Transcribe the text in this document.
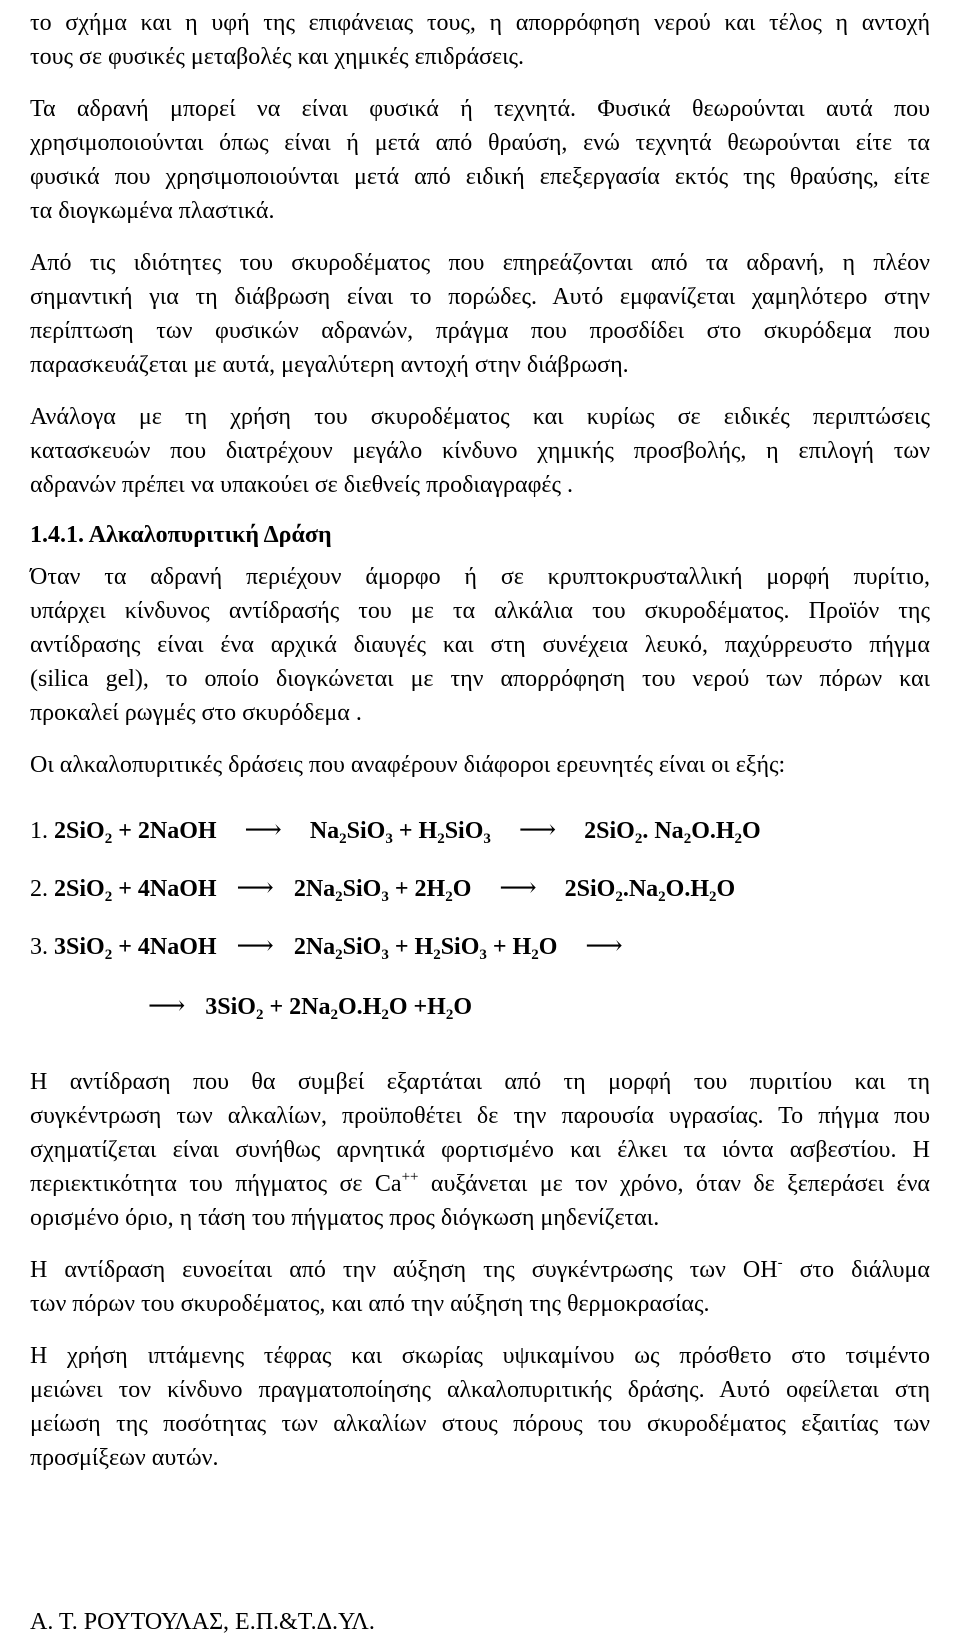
το σχήμα και η υφή της επιφάνειας τους, η απορρόφηση νερού και τέλος η αντοχή
τους σε φυσικές μεταβολές και χημικές επιδράσεις.
Τα αδρανή μπορεί να είναι φυσικά ή τεχνητά. Φυσικά θεωρούνται αυτά που
χρησιμοποιούνται όπως είναι ή μετά από θραύση, ενώ τεχνητά θεωρούνται είτε τα
φυσικά που χρησιμοποιούνται μετά από ειδική επεξεργασία εκτός της θραύσης, είτε
τα διογκωμένα πλαστικά.
Από τις ιδιότητες του σκυροδέματος που επηρεάζονται από τα αδρανή, η πλέον
σημαντική για τη διάβρωση είναι το πορώδες. Αυτό εμφανίζεται χαμηλότερο στην
περίπτωση των φυσικών αδρανών, πράγμα που προσδίδει στο σκυρόδεμα που
παρασκευάζεται με αυτά, μεγαλύτερη αντοχή στην διάβρωση.
Ανάλογα με τη χρήση του σκυροδέματος και κυρίως σε ειδικές περιπτώσεις
κατασκευών που διατρέχουν μεγάλο κίνδυνο χημικής προσβολής, η επιλογή των
αδρανών πρέπει να υπακούει σε διεθνείς προδιαγραφές .
1.4.1. Αλκαλοπυριτική Δράση
Όταν τα αδρανή περιέχουν άμορφο ή σε κρυπτοκρυσταλλική μορφή πυρίτιο,
υπάρχει κίνδυνος αντίδρασής του με τα αλκάλια του σκυροδέματος. Προϊόν της
αντίδρασης είναι ένα αρχικά διαυγές και στη συνέχεια λευκό, παχύρρευστο πήγμα
(silica gel), το οποίο διογκώνεται με την απορρόφηση του νερού των πόρων και
προκαλεί ρωγμές στο σκυρόδεμα .
Οι αλκαλοπυριτικές δράσεις που αναφέρουν διάφοροι ερευνητές είναι οι εξής:
1. 2SiO$_2$ + 2NaOH ⟶ $Na_2SiO_3 + H_2SiO_3$ ⟶ 2SiO$_2$. $Na_2O.H_2O$
2. 2SiO$_2$ + 4NaOH ⟶ $2Na_2SiO_3 + 2H_2O$ ⟶ $2SiO_2.Na_2O.H_2O$
3. 3SiO$_2$ + 4NaOH ⟶ $2Na_2SiO_3 + H_2SiO_3 + H_2O$ ⟶
⟶ $3SiO_2 + 2Na_2O.H_2O +H_2O$
Η αντίδραση που θα συμβεί εξαρτάται από τη μορφή του πυριτίου και τη
συγκέντρωση των αλκαλίων, προϋποθέτει δε την παρουσία υγρασίας. Το πήγμα που
σχηματίζεται είναι συνήθως αρνητικά φορτισμένο και έλκει τα ιόντα ασβεστίου. Η
περιεκτικότητα του πήγματος σε Ca++ αυξάνεται με τον χρόνο, όταν δε ξεπεράσει ένα
ορισμένο όριο, η τάση του πήγματος προς διόγκωση μηδενίζεται.
Η αντίδραση ευνοείται από την αύξηση της συγκέντρωσης των OH- στο διάλυμα
των πόρων του σκυροδέματος, και από την αύξηση της θερμοκρασίας.
Η χρήση ιπτάμενης τέφρας και σκωρίας υψικαμίνου ως πρόσθετο στο τσιμέντο
μειώνει τον κίνδυνο πραγματοποίησης αλκαλοπυριτικής δράσης. Αυτό οφείλεται στη
μείωση της ποσότητας των αλκαλίων στους πόρους του σκυροδέματος εξαιτίας των
προσμίξεων αυτών.
Α. Τ. ΡΟΥΤΟΥΛΑΣ, Ε.Π.&Τ.Δ.ΥΛ.
